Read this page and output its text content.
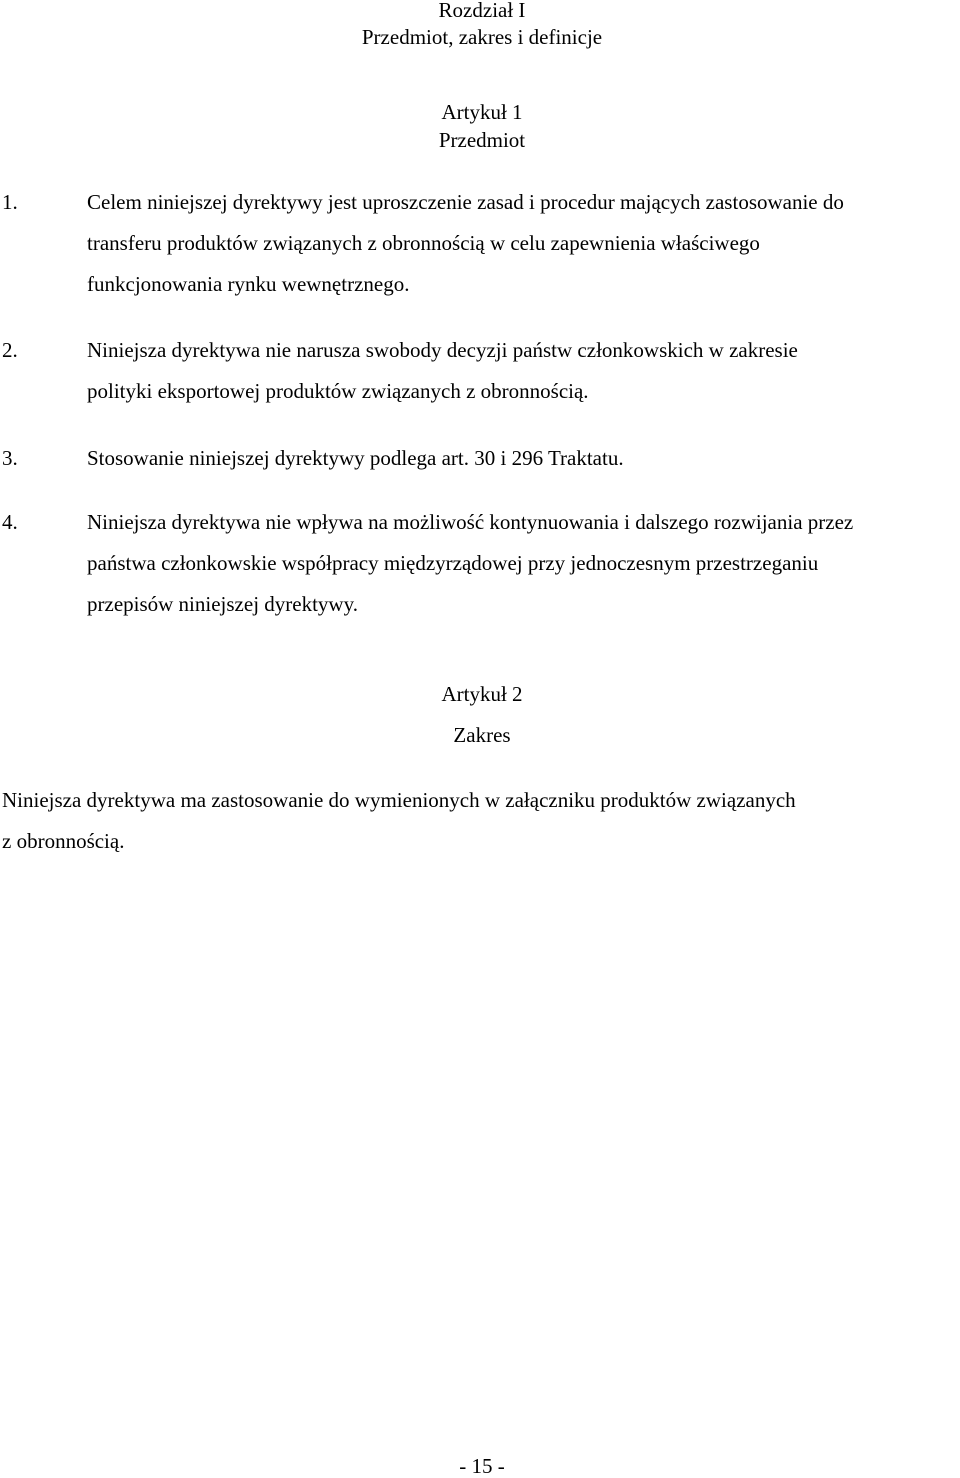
Rozdział I
Przedmiot, zakres i definicje
Artykuł 1
Przedmiot
1.	Celem niniejszej dyrektywy jest uproszczenie zasad i procedur mających zastosowanie do
transferu produktów związanych z obronnością w celu zapewnienia właściwego
funkcjonowania rynku wewnętrznego.
2.	Niniejsza dyrektywa nie narusza swobody decyzji państw członkowskich w zakresie
polityki eksportowej produktów związanych z obronnością.
3.	Stosowanie niniejszej dyrektywy podlega art. 30 i 296 Traktatu.
4.	Niniejsza dyrektywa nie wpływa na możliwość kontynuowania i dalszego rozwijania przez
państwa członkowskie współpracy międzyrządowej przy jednoczesnym przestrzeganiu
przepisów niniejszej dyrektywy.
Artykuł 2
Zakres
Niniejsza dyrektywa ma zastosowanie do wymienionych w załączniku produktów związanych
z obronnością.
- 15 -
